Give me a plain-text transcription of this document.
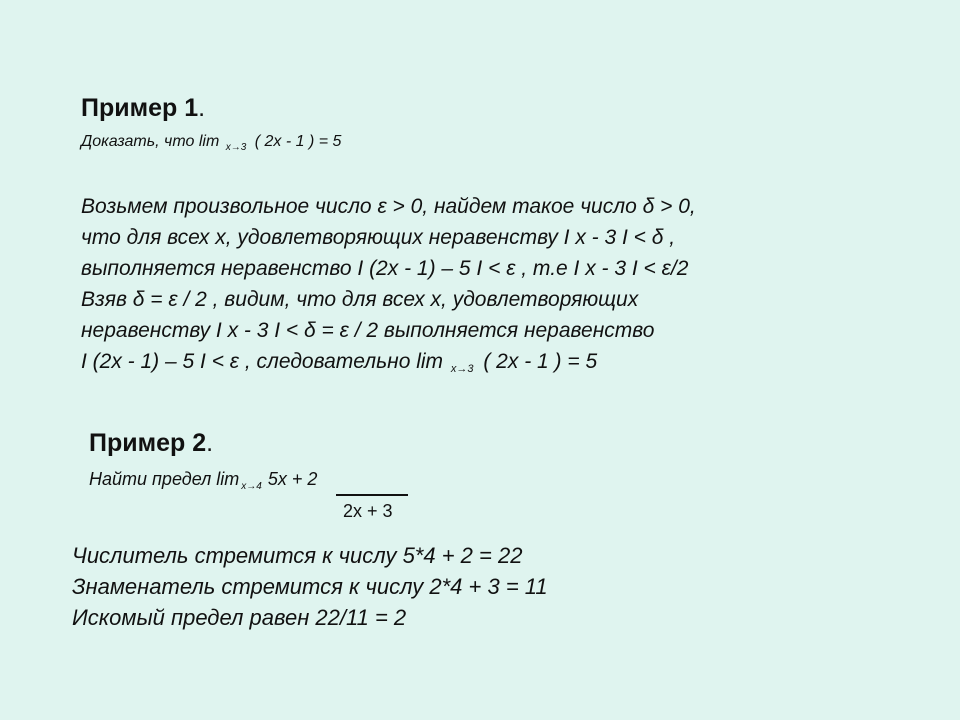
Пример 1.
Доказать, что lim $_{x\to 3}$ ( 2x - 1 ) = 5
Возьмем произвольное число ε > 0, найдем такое число δ > 0,
что для всех х, удовлетворяющих неравенству I x - 3 I < δ ,
выполняется неравенство I (2x - 1) – 5 I < ε , т.е I x - 3 I < ε/2
Взяв δ = ε / 2 , видим, что для всех х, удовлетворяющих
неравенству I x - 3 I < δ = ε / 2 выполняется неравенство
I (2x - 1) – 5 I < ε , следовательно lim $_{x\to 3}$ ( 2x - 1 ) = 5
Пример 2.
Найти предел lim $_{x\to 4}$ 5x + 2
2x + 3
Числитель стремится к числу 5*4 + 2 = 22
Знаменатель стремится к числу 2*4 + 3 = 11
Искомый предел равен 22/11 = 2
